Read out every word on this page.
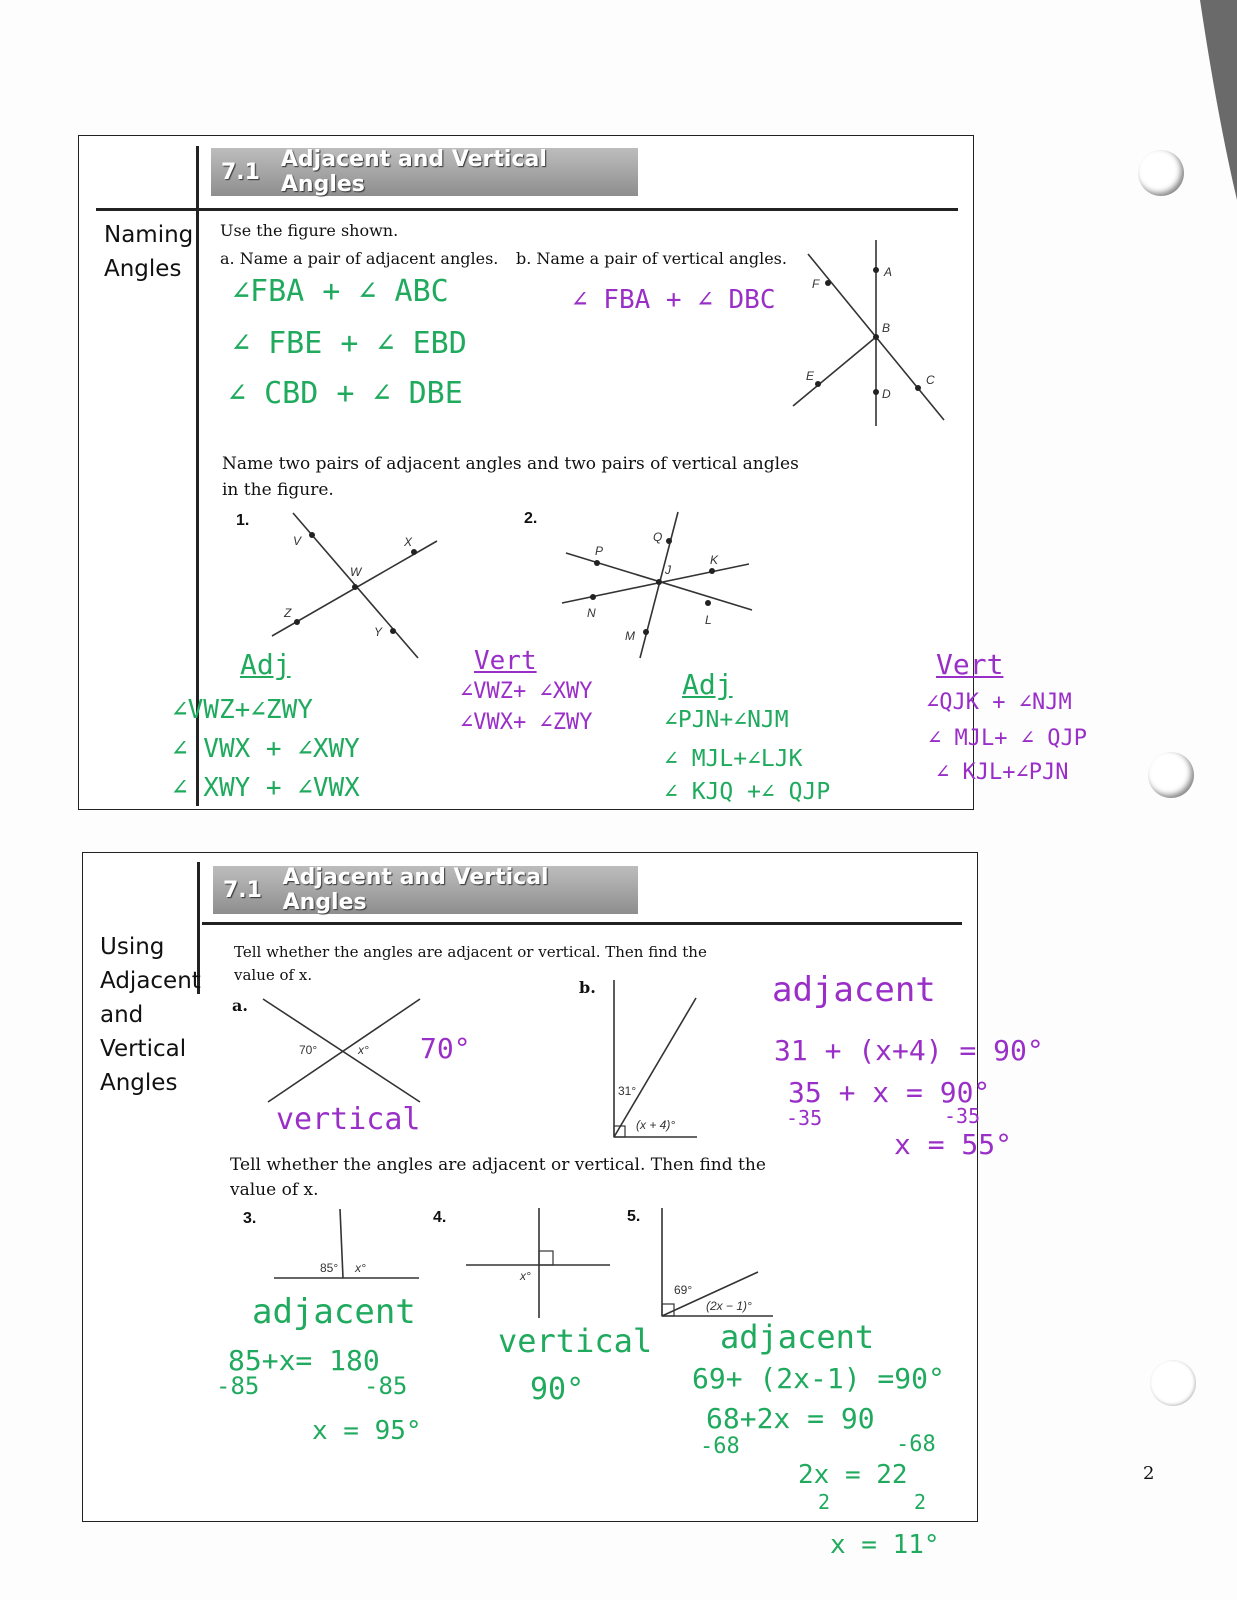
7.1 Adjacent and Vertical Angles
Naming
Angles
Use the figure shown.
a. Name a pair of adjacent angles. b. Name a pair of vertical angles.
∠FBA + ∠ ABC
∠ FBE + ∠ EBD
∠ CBD + ∠ DBE
∠ FBA + ∠ DBC
A
B
C
D
E
F
Name two pairs of adjacent angles and two pairs of vertical angles
in the figure.
1.	2.
V	X
W
Z
Y
Q
P
K
J
N	L
M
Adj
∠VWZ+∠ZWY
∠ VWX + ∠XWY
∠ XWY + ∠VWX
Vert
∠VWZ+ ∠XWY
∠VWX+ ∠ZWY
Adj
∠PJN+∠NJM
∠ MJL+∠LJK
∠ KJQ +∠ QJP
Vert
∠QJK + ∠NJM
∠ MJL+ ∠ QJP
∠ KJL+∠PJN
7.1 Adjacent and Vertical Angles
Using
Adjacent
and
Vertical
Angles
Tell whether the angles are adjacent or vertical. Then find the
value of x.
a.
b.
70°	x° 70°
vertical
31°
(x + 4)°
adjacent
31 + (x+4) = 90°
35 + x = 90°
-35	-35
x = 55°
Tell whether the angles are adjacent or vertical. Then find the
value of x.
3.	4.	5.
85° x°
adjacent
85+x= 180
-85	-85
x = 95°
x°
vertical
90°
69°
(2x − 1)°
adjacent
69+ (2x-1) =90°
68+2x = 90
-68	-68
2x = 22
2	2
x = 11°
2
